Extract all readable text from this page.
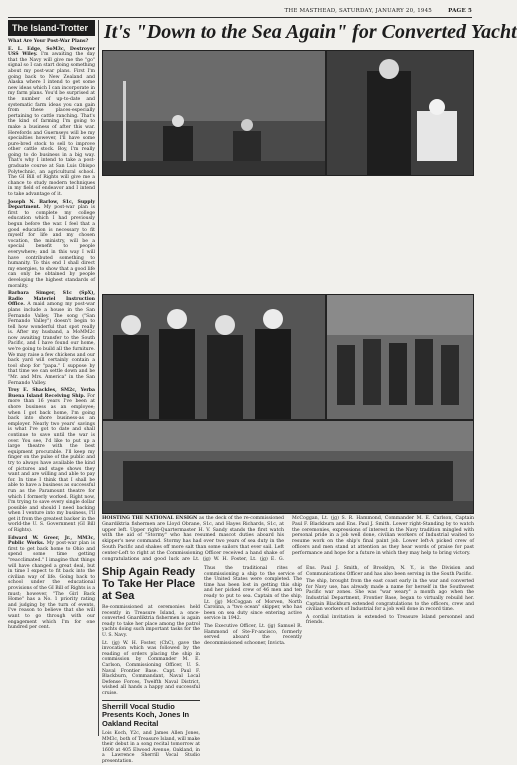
THE MASTHEAD, SATURDAY, JANUARY 20, 1945	PAGE 5
The Island-Trotter

What Are Your Post-War Plans?

E. L. Edge, SoM3c, Destroyer USS Wiley. I'm awaiting the day that the Navy will give me the "go" signal so I can start doing something about my post-war plans. First I'm going back to New Zealand and Alaska where I intend to get some new ideas which I can incorporate in my farm plans. You'd be surprised at the number of up-to-date and systematic farm ideas you can gain from these places-especially pertaining to cattle ranching. That's the kind of farming I'm going to make a business of after this war. Herefords and Guernseys will be my specialties however, I'll have some pure-bred stock to sell to improve other cattle stock. Boy, I'm really going to do business in a big way. That's why I intend to take a post-graduate course at San Luis Obispo Polytechnic, an agricultural school. The GI Bill of Rights will give me a chance to study modern techniques in my field of endeavor and I intend to take advantage of it.

Joseph N. Barlow, S1c, Supply Department. My post-war plan is first to complete my college education which I had previously begun before the war. I feel that a good education is necessary to fit myself for life and my chosen vocation, the ministry, will be a special benefit to people everywhere; and in this way I will have contributed something to humanity. To this end I shall direct my energies, to show that a good life can only be obtained by people developing the highest standards of morality.

Barbara Simger, S1c (SpX), Radio Materiel Instruction Office. A maid among my post-war plans include a house in the San Fernando Valley. The song ("San Fernando Valley") doesn't begin to tell how wonderful that spot really is. After my husband, a MoMM2c now awaiting transfer to the South Pacific, and I have found our home, we're going to build all the furniture. We may raise a few chickens and our back yard will certainly contain a tool shop for "papa." I suppose by that time we can settle down and be "Mr. and Mrs. America" in the San Fernando Valley.

Troy E. Shackles, SM2c, Yerba Buena Island Receiving Ship. For more than 16 years I've been at shore business as an employee; when I got back home, I'm going back into shore business-as an employer. Nearly two years' savings is what I've got to date and shall continue to save until the war is over. You see, I'd like to put up a large theatre with the best equipment procurable. I'll keep my finger on the pulse of the public and try to always have available the kind of pictures and stage shows they want and are willing and able to pay for. In time I think that I shall be able to have a business as successful run as the Paramount theatre for which I formerly worked. Right now, I'm trying to save every single dollar possible and should I need backing when I venture into my business, I'll get it from the greatest backer in the world-the U. S. Government (GI Bill of Rights).

Edward W. Greer, Jr., MM3c, Public Works. My post-war plan is first to get back home to Ohio and spend some time getting "reacclimated." I imagine that things will have changed a great deal, but in time I expect to fit back into the civilian way of life. Going back to school under the educational provisions of the GI Bill of Rights is a must; however, "The Girl Back Home" has a No. 1 priority rating and judging by the turn of events, I've reason to believe that she will want to go through with our engagement which I'm for one hundred per cent.

It's "Down to the Sea Again" for Converted Yacht
HOISTING THE NATIONAL ENSIGN as the deck of the re-commissioned Gnardiktria fishermen are Lloyd Obrane, S1c, and Hayes Richards, S1c, at upper left. Upper right-Quartermaster H. V. Sandy stands the first watch with the aid of "Stormy" who has resumed mascot duties aboard his skipper's new command. Stormy has had over two years of sea duty in the South Pacific and shakes off more salt than some sailors that ever sail. Left center-Left to right at the Commissioning Officer received a hand shake of congratulations and good luck are Lt. (jg) W. H. Foster, Lt. (jg) E. G. McCoggan, Lt. (jg) S. R. Hammond, Commander M. E. Carlson, Captain Paul F. Blackburn and Ens. Paul J. Smith. Lower right-Standing by to watch the ceremonies, expressions of interest in the Navy tradition mingled with personal pride in a job well done, civilian workers of Industrial waited to resume work on the ship's final paint job. Lower left-A picked crew of officers and men stand at attention as they hear words of praise for past performance and hope for a future in which they may help to bring victory.
Ship Again Ready To Take Her Place at Sea

Re-commissioned at ceremonies held recently in Treasure Island, a once-converted Gnardiktria fishermen is again ready to take her place among the patrol yachts doing such important tasks for the U. S. Navy.

Lt. (jg) W. H. Foster, (ChC), gave the invocation which was followed by the reading of orders placing the ship in commission by Commander M. E. Carlson, Commissioning Officer, U. S. Naval Frontier Base. Capt. Paul F. Blackburn, Commandant, Naval Local Defense Forces, Twelfth Naval District, wished all hands a happy and successful cruise.

Sherrill Vocal Studio Presents Koch, Jones In Oakland Recital

Lois Koch, Y2c, and James Allen Jones, MM3c, both of Treasure Island, will make their debut in a song recital tomorrow at 1600 at 405 Elwood Avenue, Oakland, in a Lawrence Sherrill Vocal Studio presentation.

Thus the traditional rites of commissioning a ship to the service of the United States were completed. The time has been lost in getting this ship and her picked crew of 46 men and ten ready to put to sea. Captain of the ship, Lt. (jg) McCoggan of Morven, North Carolina, a "two ocean" skipper, who has been on sea duty since entering active service in 1942.

The Executive Officer, Lt. (jg) Samuel R. Hammond of Ste-Fr-ancisco, formerly served aboard the recently decommissioned schooner, Invicta.

Ens. Paul J. Smith, of Brooklyn, N. Y., is the Division and Communications Officer and has also been serving in the South Pacific.

The ship, brought from the east coast early in the war and converted for Navy use, has already made a name for herself in the Southwest Pacific war zones. She was "war weary" a month ago when the Industrial Department, Frontier Base, began to virtually rebuild her. Captain Blackburn extended congratulations to the officers, crew and civilian workers of Industrial for a job well done in record time.

A cordial invitation is extended to Treasure Island personnel and friends.
